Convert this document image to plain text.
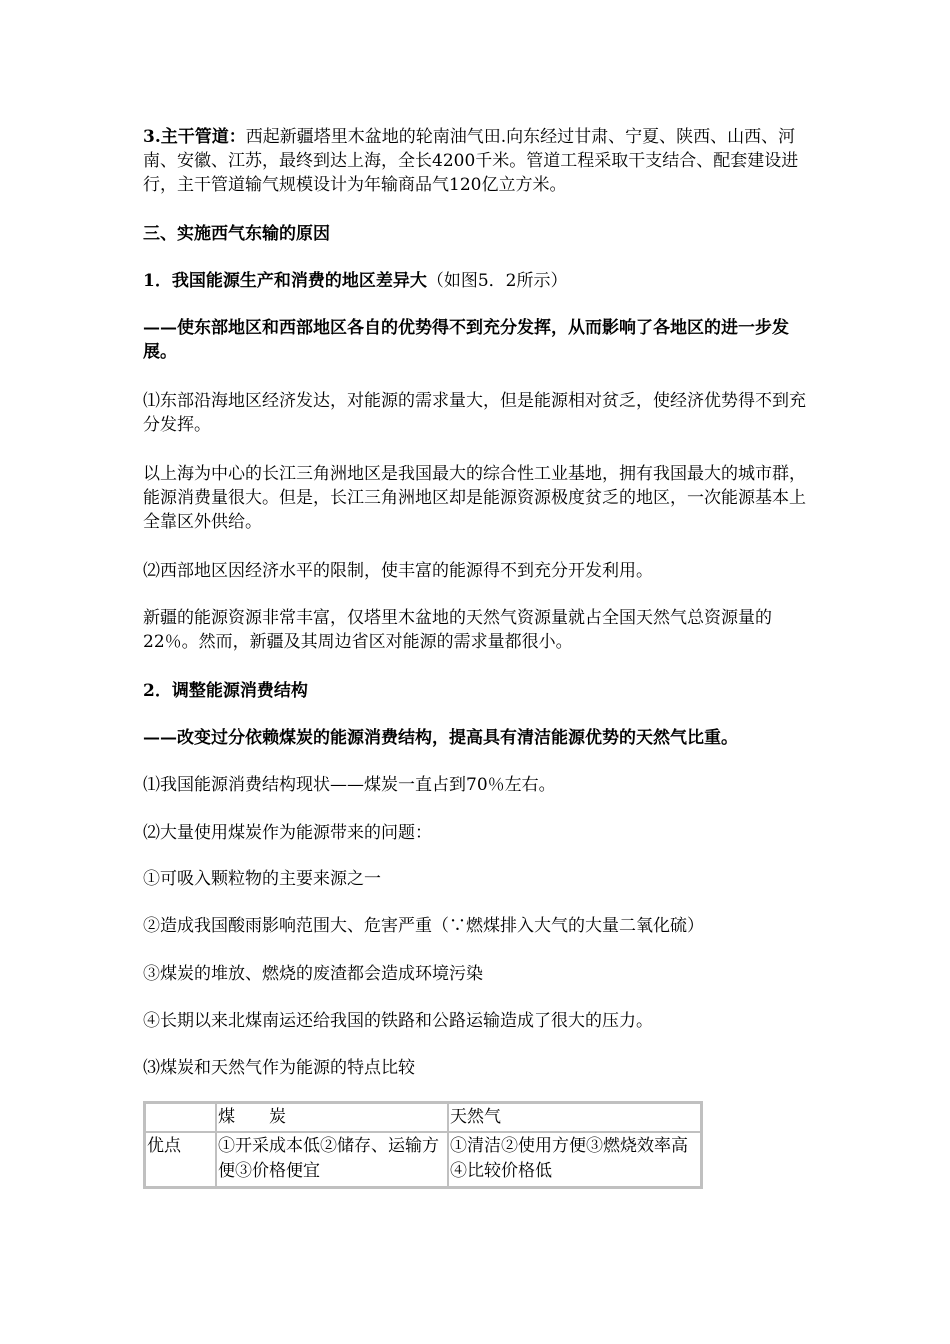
3.主干管道：西起新疆塔里木盆地的轮南油气田.向东经过甘肃、宁夏、陕西、山西、河南、安徽、江苏，最终到达上海，全长4200千米。管道工程采取干支结合、配套建设进行，主干管道输气规模设计为年输商品气120亿立方米。

三、实施西气东输的原因

1．我国能源生产和消费的地区差异大（如图5．2所示）

——使东部地区和西部地区各自的优势得不到充分发挥，从而影响了各地区的进一步发展。

⑴东部沿海地区经济发达，对能源的需求量大，但是能源相对贫乏，使经济优势得不到充分发挥。

以上海为中心的长江三角洲地区是我国最大的综合性工业基地，拥有我国最大的城市群，能源消费量很大。但是，长江三角洲地区却是能源资源极度贫乏的地区，一次能源基本上全靠区外供给。

⑵西部地区因经济水平的限制，使丰富的能源得不到充分开发利用。

新疆的能源资源非常丰富，仅塔里木盆地的天然气资源量就占全国天然气总资源量的22％。然而，新疆及其周边省区对能源的需求量都很小。

2．调整能源消费结构

——改变过分依赖煤炭的能源消费结构，提高具有清洁能源优势的天然气比重。

⑴我国能源消费结构现状——煤炭一直占到70％左右。

⑵大量使用煤炭作为能源带来的问题：

①可吸入颗粒物的主要来源之一

②造成我国酸雨影响范围大、危害严重（∵燃煤排入大气的大量二氧化硫）

③煤炭的堆放、燃烧的废渣都会造成环境污染

④长期以来北煤南运还给我国的铁路和公路运输造成了很大的压力。

⑶煤炭和天然气作为能源的特点比较

	煤　　炭	天然气
优点	①开采成本低②储存、运输方便③价格便宜	①清洁②使用方便③燃烧效率高④比较价格低
